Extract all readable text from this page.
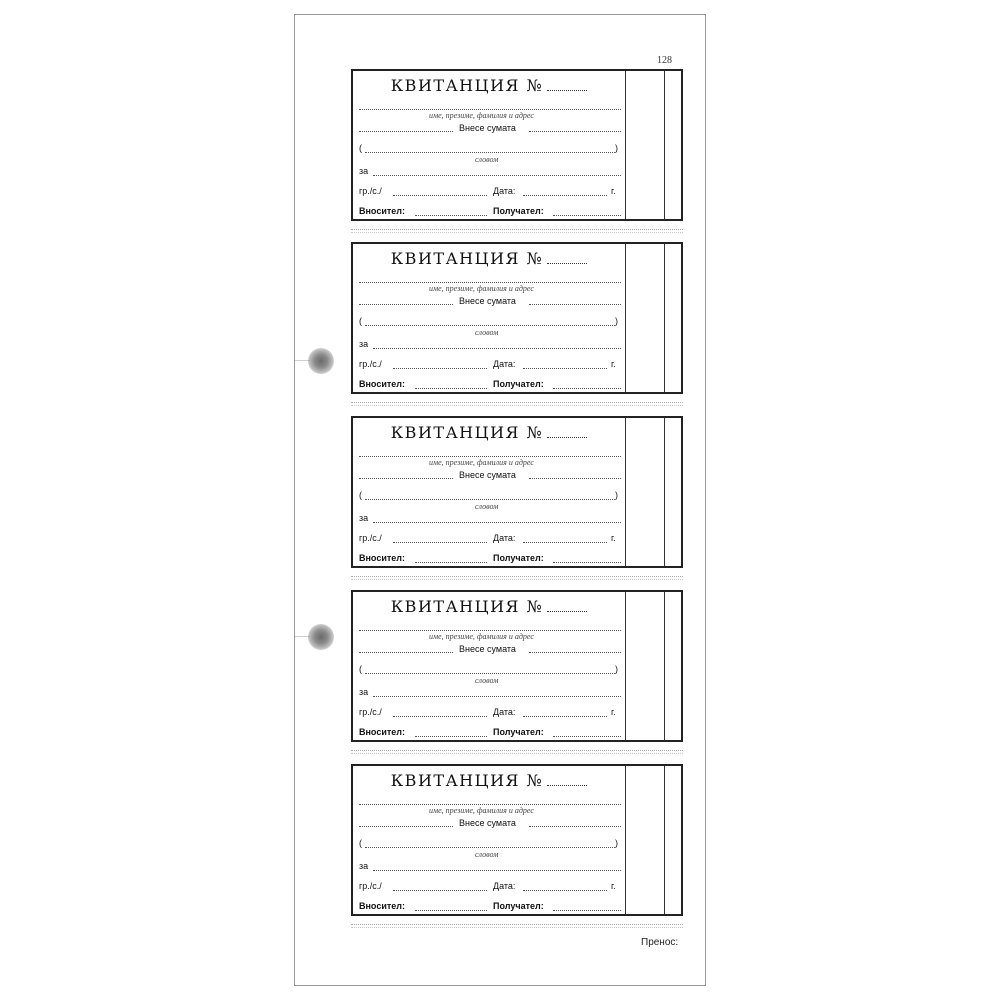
128
КВИТАНЦИЯ №
име, презиме, фамилия и адрес
Внесе сумата
(	)
словом
за
гр./с./	Дата:	г.
Вносител:	Получател:
КВИТАНЦИЯ №
име, презиме, фамилия и адрес
Внесе сумата
(	)
словом
за
гр./с./	Дата:	г.
Вносител:	Получател:
КВИТАНЦИЯ №
име, презиме, фамилия и адрес
Внесе сумата
(	)
словом
за
гр./с./	Дата:	г.
Вносител:	Получател:
КВИТАНЦИЯ №
име, презиме, фамилия и адрес
Внесе сумата
(	)
словом
за
гр./с./	Дата:	г.
Вносител:	Получател:
КВИТАНЦИЯ №
име, презиме, фамилия и адрес
Внесе сумата
(	)
словом
за
гр./с./	Дата:	г.
Вносител:	Получател:
Пренос:
